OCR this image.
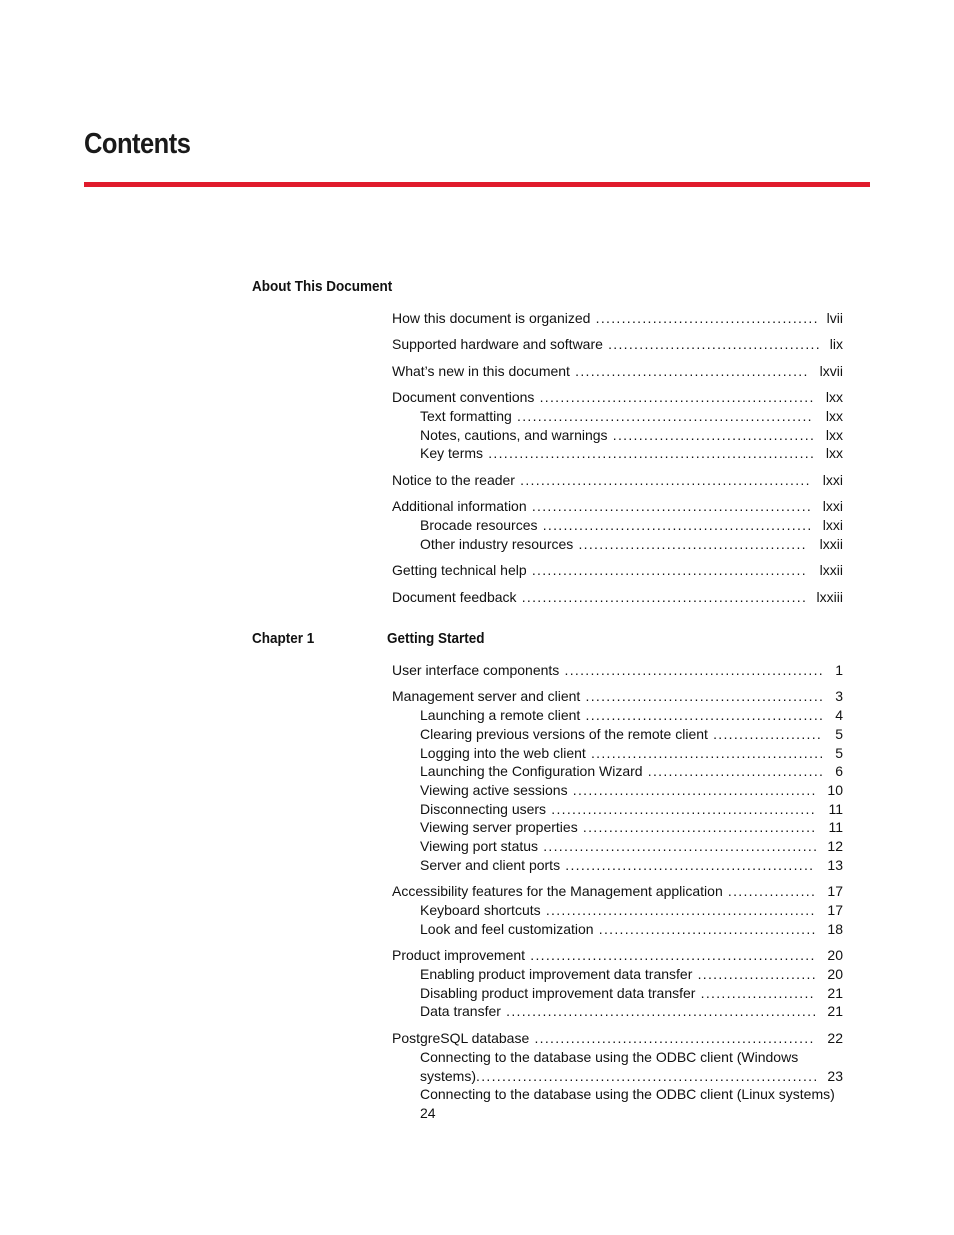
Contents
About This Document
How this document is organized ........................................... lvii
Supported hardware and software ......................................... lix
What’s new in this document ............................................. lxvii
Document conventions ..................................................... lxx
Text formatting ......................................................... lxx
Notes, cautions, and warnings ....................................... lxx
Key terms ............................................................... lxx
Notice to the reader ........................................................ lxxi
Additional information ...................................................... lxxi
Brocade resources .................................................... lxxi
Other industry resources ............................................ lxxii
Getting technical help ..................................................... lxxii
Document feedback ....................................................... lxxiii
Chapter 1	Getting Started
User interface components .................................................. 1
Management server and client .............................................. 3
Launching a remote client .............................................. 4
Clearing previous versions of the remote client ..................... 5
Logging into the web client ............................................. 5
Launching the Configuration Wizard .................................. 6
Viewing active sessions ............................................... 10
Disconnecting users ................................................... 11
Viewing server properties ............................................. 11
Viewing port status ..................................................... 12
Server and client ports ................................................ 13
Accessibility features for the Management application ................. 17
Keyboard shortcuts .................................................... 17
Look and feel customization .......................................... 18
Product improvement ....................................................... 20
Enabling product improvement data transfer ....................... 20
Disabling product improvement data transfer ...................... 21
Data transfer ............................................................ 21
PostgreSQL database ...................................................... 22
Connecting to the database using the ODBC client (Windows systems)	23
..................................................................
Connecting to the database using the ODBC client (Linux systems)
24
